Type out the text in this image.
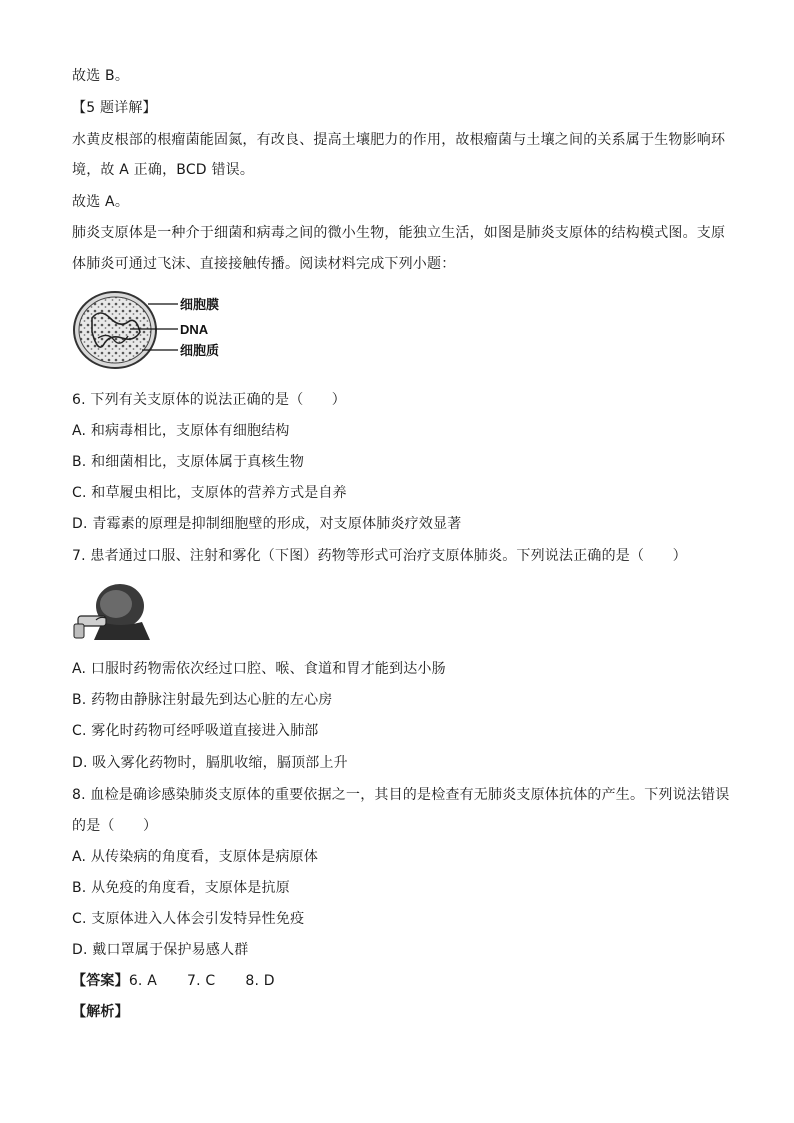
故选 B。
【5 题详解】
水黄皮根部的根瘤菌能固氮，有改良、提高土壤肥力的作用，故根瘤菌与土壤之间的关系属于生物影响环
境，故 A 正确，BCD 错误。
故选 A。
肺炎支原体是一种介于细菌和病毒之间的微小生物，能独立生活，如图是肺炎支原体的结构模式图。支原
体肺炎可通过飞沫、直接接触传播。阅读材料完成下列小题：
细胞膜
DNA
细胞质
6. 下列有关支原体的说法正确的是（　　）
A. 和病毒相比，支原体有细胞结构
B. 和细菌相比，支原体属于真核生物
C. 和草履虫相比，支原体的营养方式是自养
D. 青霉素的原理是抑制细胞壁的形成，对支原体肺炎疗效显著
7. 患者通过口服、注射和雾化（下图）药物等形式可治疗支原体肺炎。下列说法正确的是（　　）
A. 口服时药物需依次经过口腔、喉、食道和胃才能到达小肠
B. 药物由静脉注射最先到达心脏的左心房
C. 雾化时药物可经呼吸道直接进入肺部
D. 吸入雾化药物时，膈肌收缩，膈顶部上升
8. 血检是确诊感染肺炎支原体的重要依据之一，其目的是检查有无肺炎支原体抗体的产生。下列说法错误
的是（　　）
A. 从传染病的角度看，支原体是病原体
B. 从免疫的角度看，支原体是抗原
C. 支原体进入人体会引发特异性免疫
D. 戴口罩属于保护易感人群
【答案】6. A 7. C 8. D
【解析】
